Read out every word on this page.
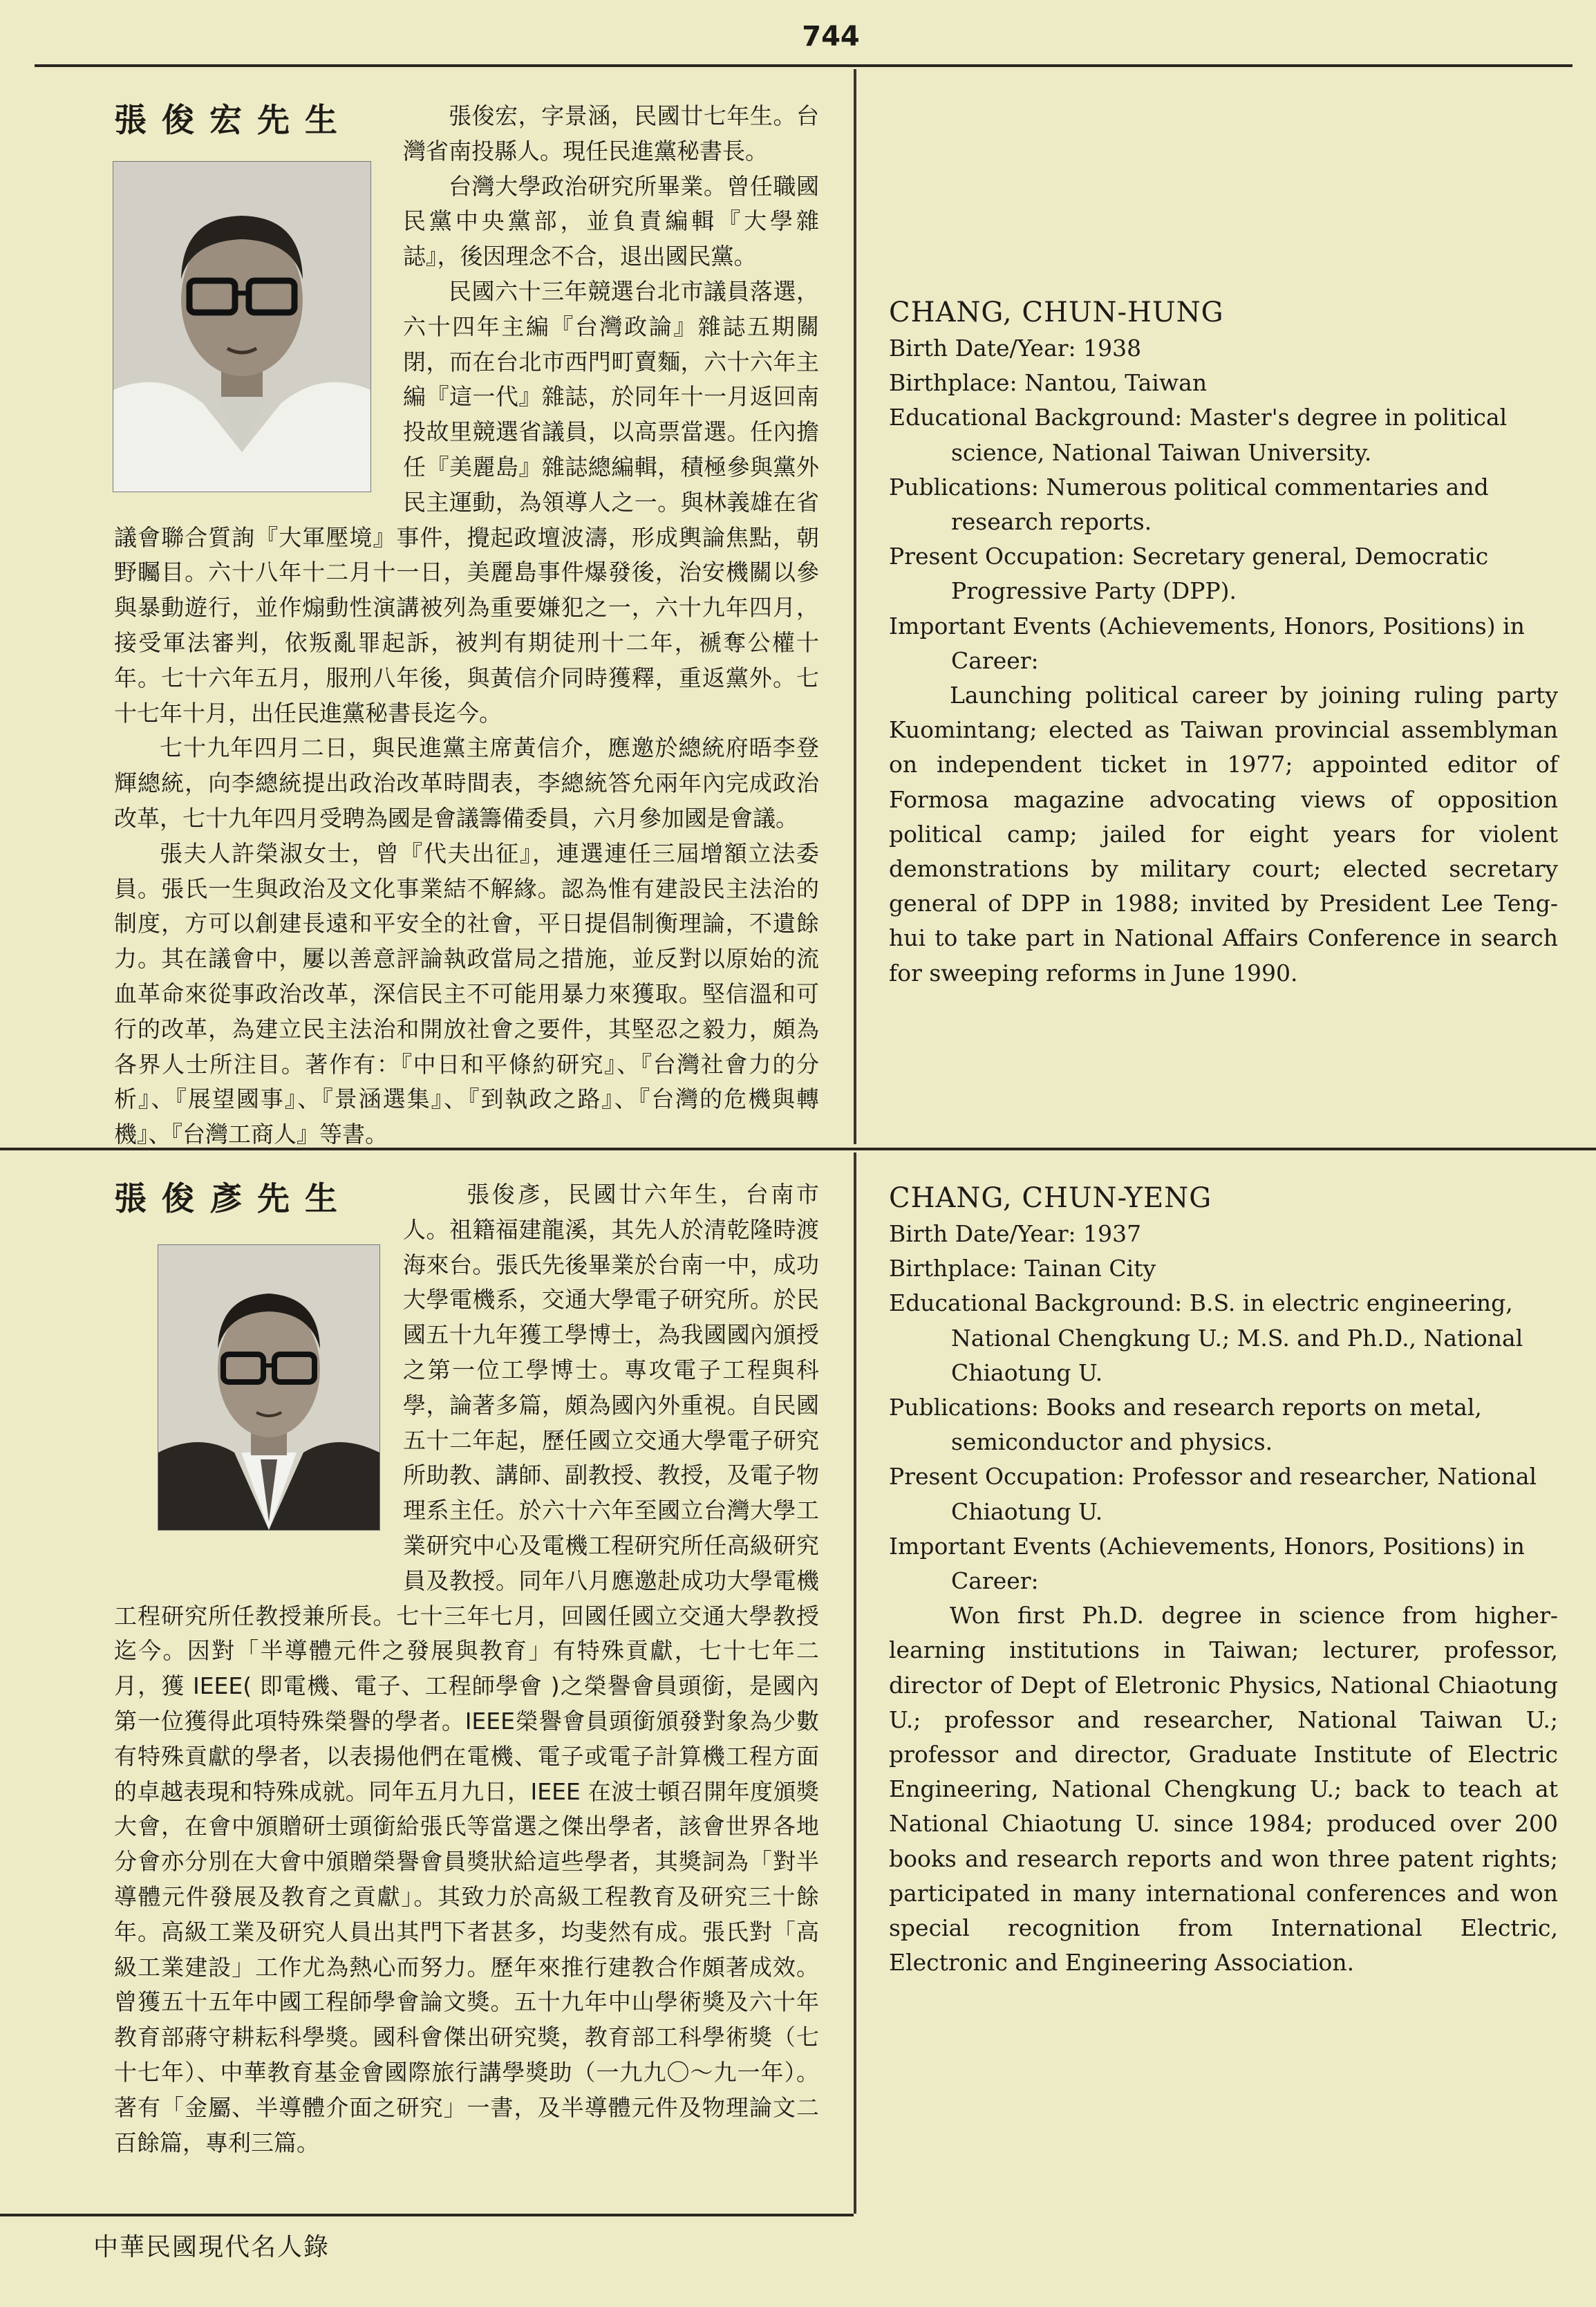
744
張俊宏先生	張俊宏，字景涵，民國廿七年生。台灣省南投縣人。現任民進黨秘書長。

台灣大學政治研究所畢業。曾任職國民黨中央黨部，並負責編輯『大學雜誌』，後因理念不合，退出國民黨。

民國六十三年競選台北市議員落選，六十四年主編『台灣政論』雜誌五期關閉，而在台北市西門町賣麵，六十六年主編『這一代』雜誌，於同年十一月返回南投故里競選省議員，以高票當選。任內擔任『美麗島』雜誌總編輯，積極參與黨外民主運動，為領導人之一。與林義雄在省議會聯合質詢『大軍壓境』事件，攪起政壇波濤，形成輿論焦點，朝野矚目。六十八年十二月十一日，美麗島事件爆發後，治安機關以參與暴動遊行，並作煽動性演講被列為重要嫌犯之一，六十九年四月，接受軍法審判，依叛亂罪起訴，被判有期徒刑十二年，褫奪公權十年。七十六年五月，服刑八年後，與黃信介同時獲釋，重返黨外。七十七年十月，出任民進黨秘書長迄今。

七十九年四月二日，與民進黨主席黃信介，應邀於總統府晤李登輝總統，向李總統提出政治改革時間表，李總統答允兩年內完成政治改革，七十九年四月受聘為國是會議籌備委員，六月參加國是會議。

張夫人許榮淑女士，曾『代夫出征』，連選連任三屆增額立法委員。張氏一生與政治及文化事業結不解緣。認為惟有建設民主法治的制度，方可以創建長遠和平安全的社會，平日提倡制衡理論，不遺餘力。其在議會中，屢以善意評論執政當局之措施，並反對以原始的流血革命來從事政治改革，深信民主不可能用暴力來獲取。堅信溫和可行的改革，為建立民主法治和開放社會之要件，其堅忍之毅力，頗為各界人士所注目。著作有：『中日和平條約研究』、『台灣社會力的分析』、『展望國事』、『景涵選集』、『到執政之路』、『台灣的危機與轉機』、『台灣工商人』等書。

CHANG, CHUN-HUNG

Birth Date/Year: 1938

Birthplace: Nantou, Taiwan

Educational Background: Master's degree in political science, National Taiwan University.

Publications: Numerous political commentaries and research reports.

Present Occupation: Secretary general, Democratic Progressive Party (DPP).

Important Events (Achievements, Honors, Positions) in Career:

Launching political career by joining ruling party Kuomintang; elected as Taiwan provincial assemblyman on independent ticket in 1977; appointed editor of Formosa magazine advocating views of opposition political camp; jailed for eight years for violent demonstrations by military court; elected secretary general of DPP in 1988; invited by President Lee Teng-hui to take part in National Affairs Conference in search for sweeping reforms in June 1990.

張俊彥先生	張俊彥，民國廿六年生，台南市人。祖籍福建龍溪，其先人於清乾隆時渡海來台。張氏先後畢業於台南一中，成功大學電機系，交通大學電子研究所。於民國五十九年獲工學博士，為我國國內頒授之第一位工學博士。專攻電子工程與科學，論著多篇，頗為國內外重視。自民國五十二年起，歷任國立交通大學電子研究所助教、講師、副教授、教授，及電子物理系主任。於六十六年至國立台灣大學工業研究中心及電機工程研究所任高級研究員及教授。同年八月應邀赴成功大學電機工程研究所任教授兼所長。七十三年七月，回國任國立交通大學教授迄今。因對「半導體元件之發展與教育」有特殊貢獻，七十七年二月，獲 IEEE( 即電機、電子、工程師學會 )之榮譽會員頭銜，是國內第一位獲得此項特殊榮譽的學者。IEEE榮譽會員頭銜頒發對象為少數有特殊貢獻的學者，以表揚他們在電機、電子或電子計算機工程方面的卓越表現和特殊成就。同年五月九日，IEEE 在波士頓召開年度頒獎大會，在會中頒贈研士頭銜給張氏等當選之傑出學者，該會世界各地分會亦分別在大會中頒贈榮譽會員獎狀給這些學者，其獎詞為「對半導體元件發展及教育之貢獻」。其致力於高級工程教育及研究三十餘年。高級工業及研究人員出其門下者甚多，均斐然有成。張氏對「高級工業建設」工作尤為熱心而努力。歷年來推行建教合作頗著成效。曾獲五十五年中國工程師學會論文獎。五十九年中山學術獎及六十年教育部蔣守耕耘科學獎。國科會傑出研究獎，教育部工科學術獎（七十七年）、中華教育基金會國際旅行講學獎助（一九九〇～九一年）。著有「金屬、半導體介面之研究」一書，及半導體元件及物理論文二百餘篇，專利三篇。

CHANG, CHUN-YENG

Birth Date/Year: 1937

Birthplace: Tainan City

Educational Background: B.S. in electric engineering, National Chengkung U.; M.S. and Ph.D., National Chiaotung U.

Publications: Books and research reports on metal, semiconductor and physics.

Present Occupation: Professor and researcher, National Chiaotung U.

Important Events (Achievements, Honors, Positions) in Career:

Won first Ph.D. degree in science from higher-learning institutions in Taiwan; lecturer, professor, director of Dept of Eletronic Physics, National Chiaotung U.; professor and researcher, National Taiwan U.; professor and director, Graduate Institute of Electric Engineering, National Chengkung U.; back to teach at National Chiaotung U. since 1984; produced over 200 books and research reports and won three patent rights; participated in many international conferences and won special recognition from International Electric, Electronic and Engineering Association.

中華民國現代名人錄
